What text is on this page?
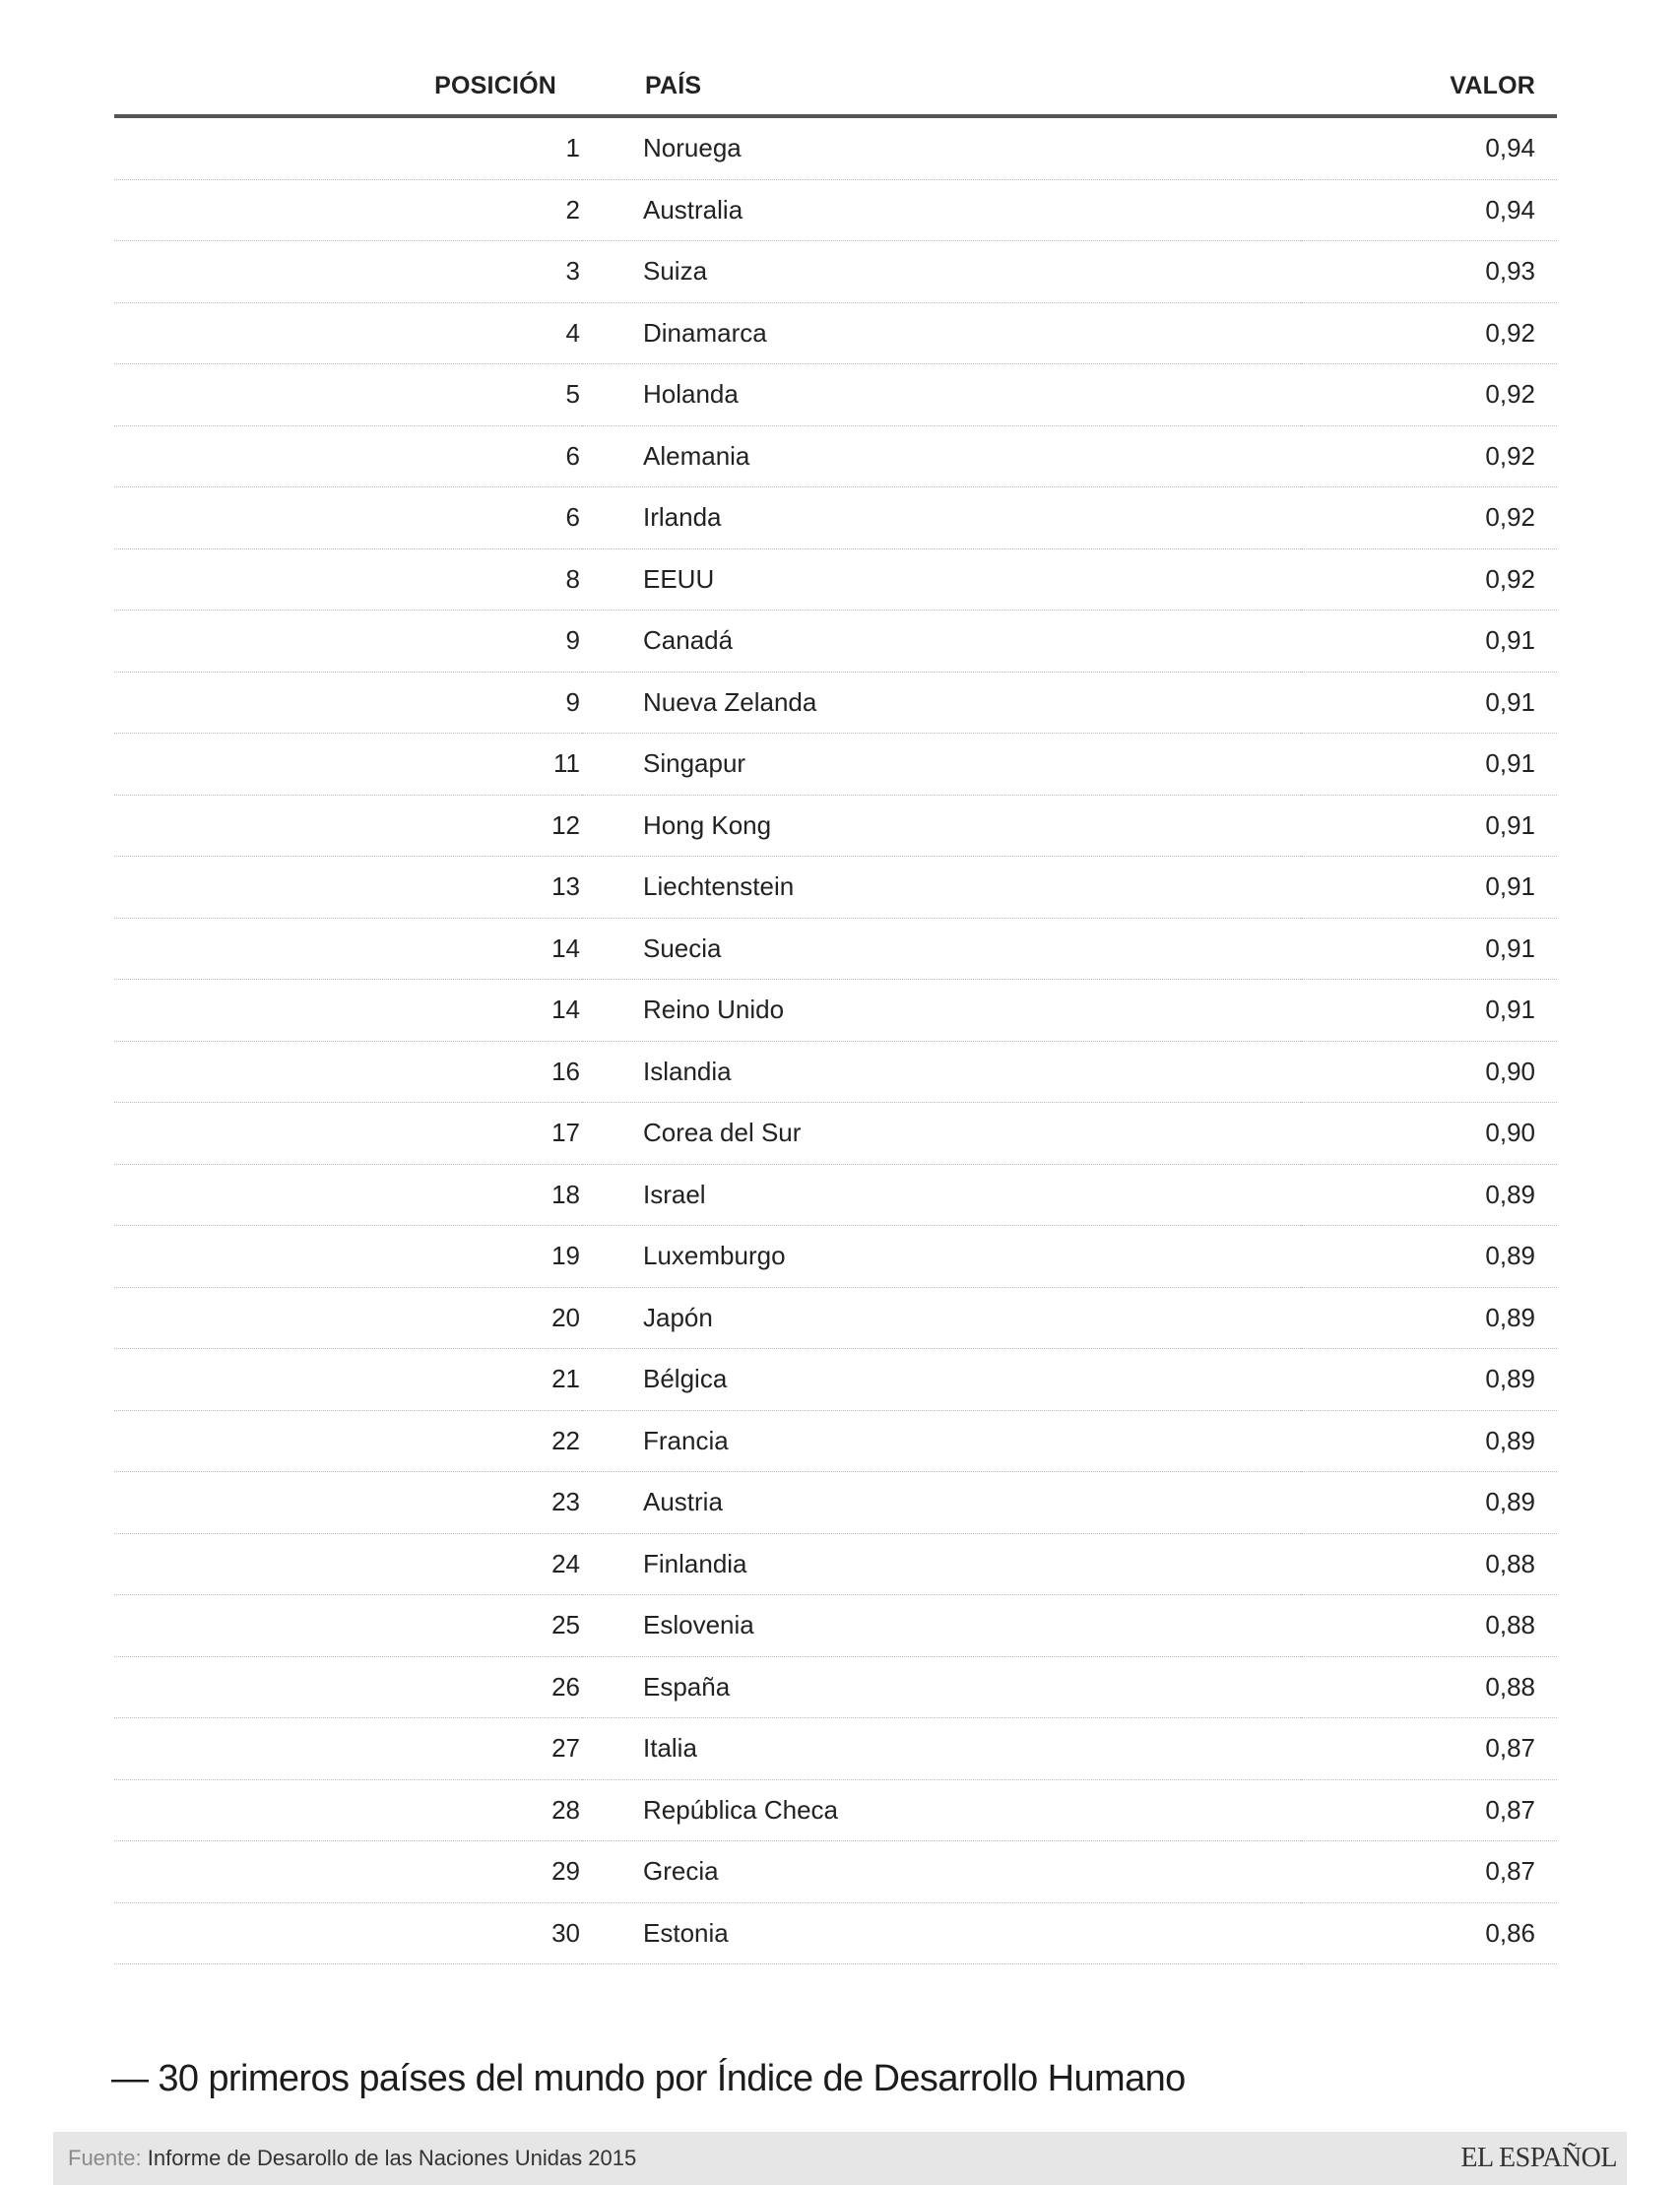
POSICIÓN	PAÍS	VALOR
1	Noruega	0,94
2	Australia	0,94
3	Suiza	0,93
4	Dinamarca	0,92
5	Holanda	0,92
6	Alemania	0,92
6	Irlanda	0,92
8	EEUU	0,92
9	Canadá	0,91
9	Nueva Zelanda	0,91
11	Singapur	0,91
12	Hong Kong	0,91
13	Liechtenstein	0,91
14	Suecia	0,91
14	Reino Unido	0,91
16	Islandia	0,90
17	Corea del Sur	0,90
18	Israel	0,89
19	Luxemburgo	0,89
20	Japón	0,89
21	Bélgica	0,89
22	Francia	0,89
23	Austria	0,89
24	Finlandia	0,88
25	Eslovenia	0,88
26	España	0,88
27	Italia	0,87
28	República Checa	0,87
29	Grecia	0,87
30	Estonia	0,86
— 30 primeros países del mundo por Índice de Desarrollo Humano
Fuente: Informe de Desarollo de las Naciones Unidas 2015	EL ESPAÑOL
